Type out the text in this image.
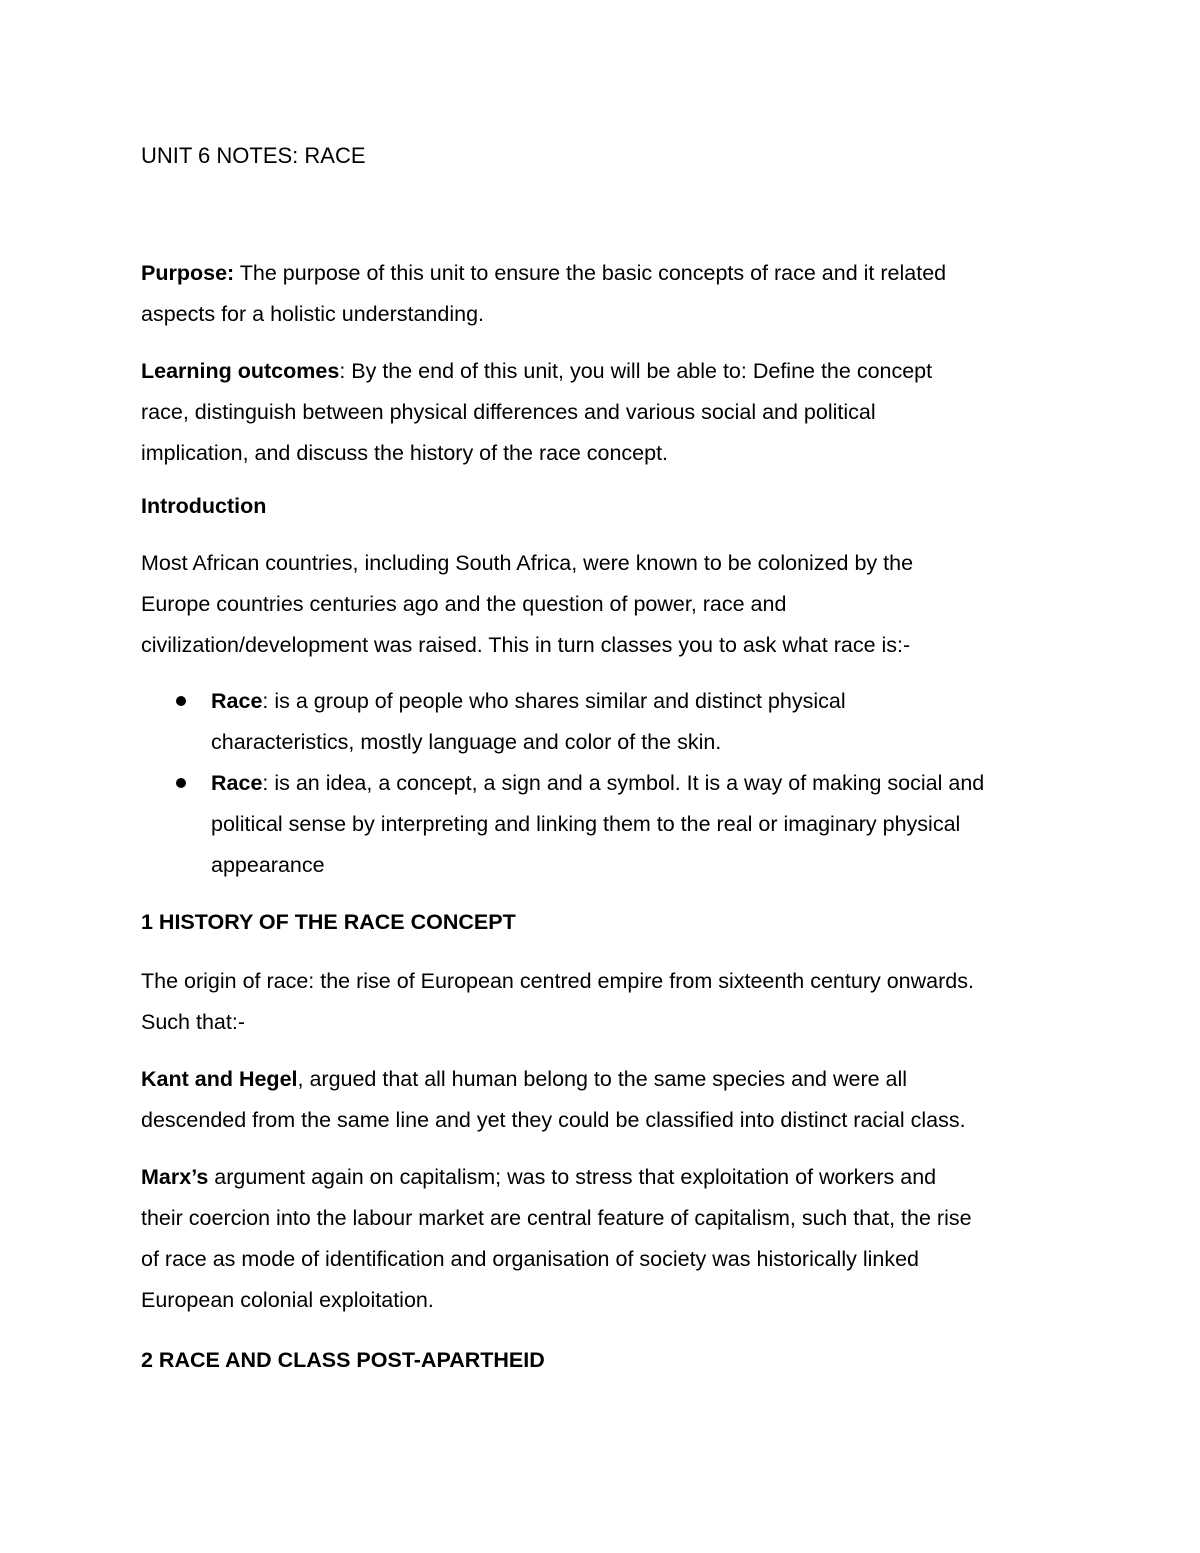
UNIT 6 NOTES: RACE

Purpose: The purpose of this unit to ensure the basic concepts of race and it related
aspects for a holistic understanding.

Learning outcomes: By the end of this unit, you will be able to: Define the concept
race, distinguish between physical differences and various social and political
implication, and discuss the history of the race concept.

Introduction

Most African countries, including South Africa, were known to be colonized by the
Europe countries centuries ago and the question of power, race and
civilization/development was raised. This in turn classes you to ask what race is:-

Race: is a group of people who shares similar and distinct physical
characteristics, mostly language and color of the skin.
Race: is an idea, a concept, a sign and a symbol. It is a way of making social and
political sense by interpreting and linking them to the real or imaginary physical
appearance
1 HISTORY OF THE RACE CONCEPT

The origin of race: the rise of European centred empire from sixteenth century onwards.
Such that:-

Kant and Hegel, argued that all human belong to the same species and were all
descended from the same line and yet they could be classified into distinct racial class.

Marx’s argument again on capitalism; was to stress that exploitation of workers and
their coercion into the labour market are central feature of capitalism, such that, the rise
of race as mode of identification and organisation of society was historically linked
European colonial exploitation.

2 RACE AND CLASS POST-APARTHEID
